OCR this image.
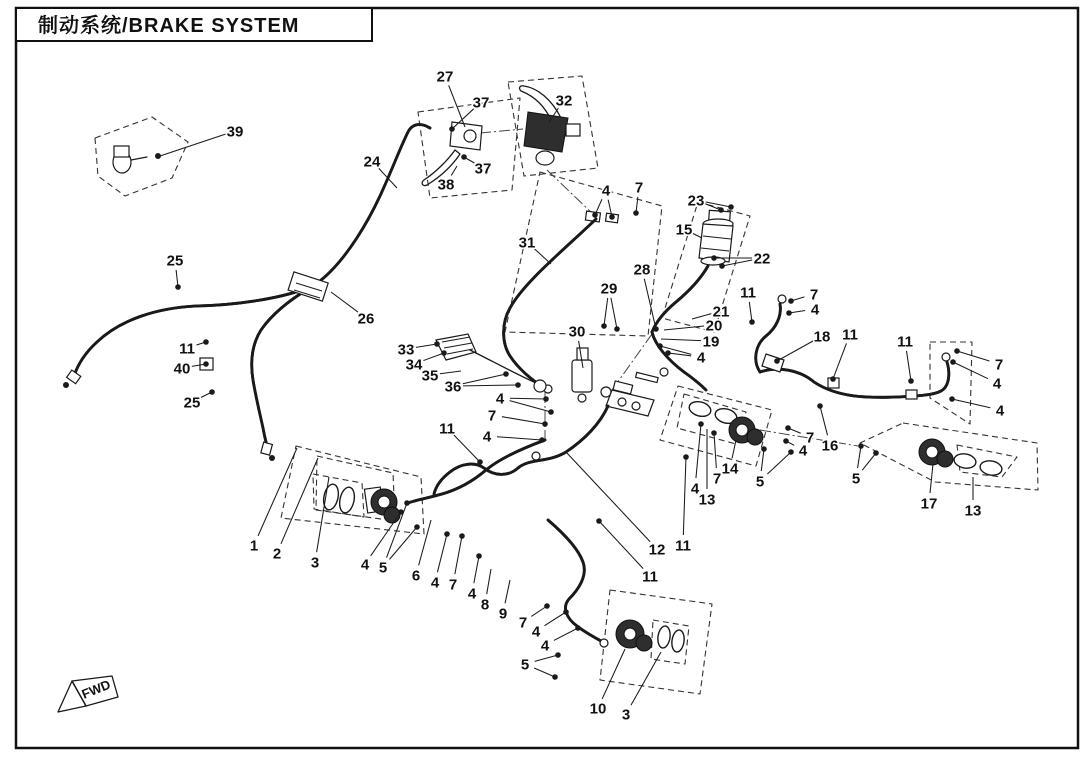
制动系统/BRAKE SYSTEM
FWD
39
27
37	32
37
38
24
4 7
23
15
22
31
25
26
28
29
30
21
20
19
4
11	7
4
18 11	11
7
4
4
11
40
25
33
34
35
36
4
7
4
11
1 2
3	4 5 6 4 7
4
8
9
7
4
4
5
10 3
12 11
11
4
13
7
14
5
7
4 16
5
17 13
